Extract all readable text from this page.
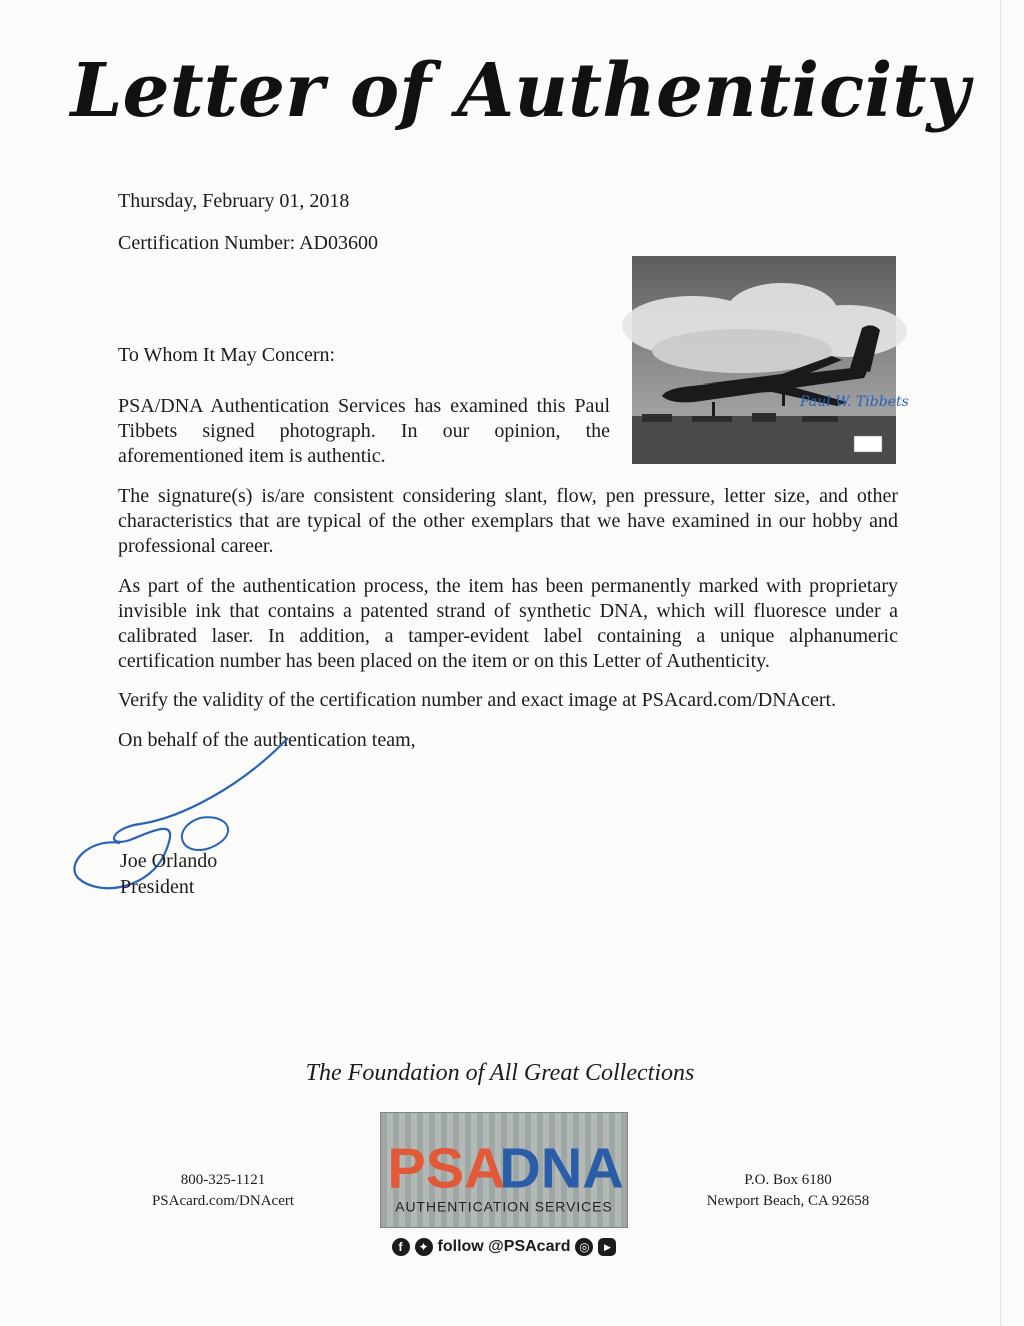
Letter of Authenticity
Thursday, February 01, 2018
Certification Number: AD03600
To Whom It May Concern:
PSA/DNA Authentication Services has examined this Paul Tibbets signed photograph. In our opinion, the aforementioned item is authentic.
The signature(s) is/are consistent considering slant, flow, pen pressure, letter size, and other characteristics that are typical of the other exemplars that we have examined in our hobby and professional career.
As part of the authentication process, the item has been permanently marked with proprietary invisible ink that contains a patented strand of synthetic DNA, which will fluoresce under a calibrated laser. In addition, a tamper-evident label containing a unique alphanumeric certification number has been placed on the item or on this Letter of Authenticity.
Verify the validity of the certification number and exact image at PSAcard.com/DNAcert.
On behalf of the authentication team,
Paul W. Tibbets
Joe Orlando
President
The Foundation of All Great Collections
800-325-1121
PSAcard.com/DNAcert
PSA
DNA
AUTHENTICATION SERVICES
f	✦ follow @PSAcard ◎	▶
P.O. Box 6180
Newport Beach, CA 92658
